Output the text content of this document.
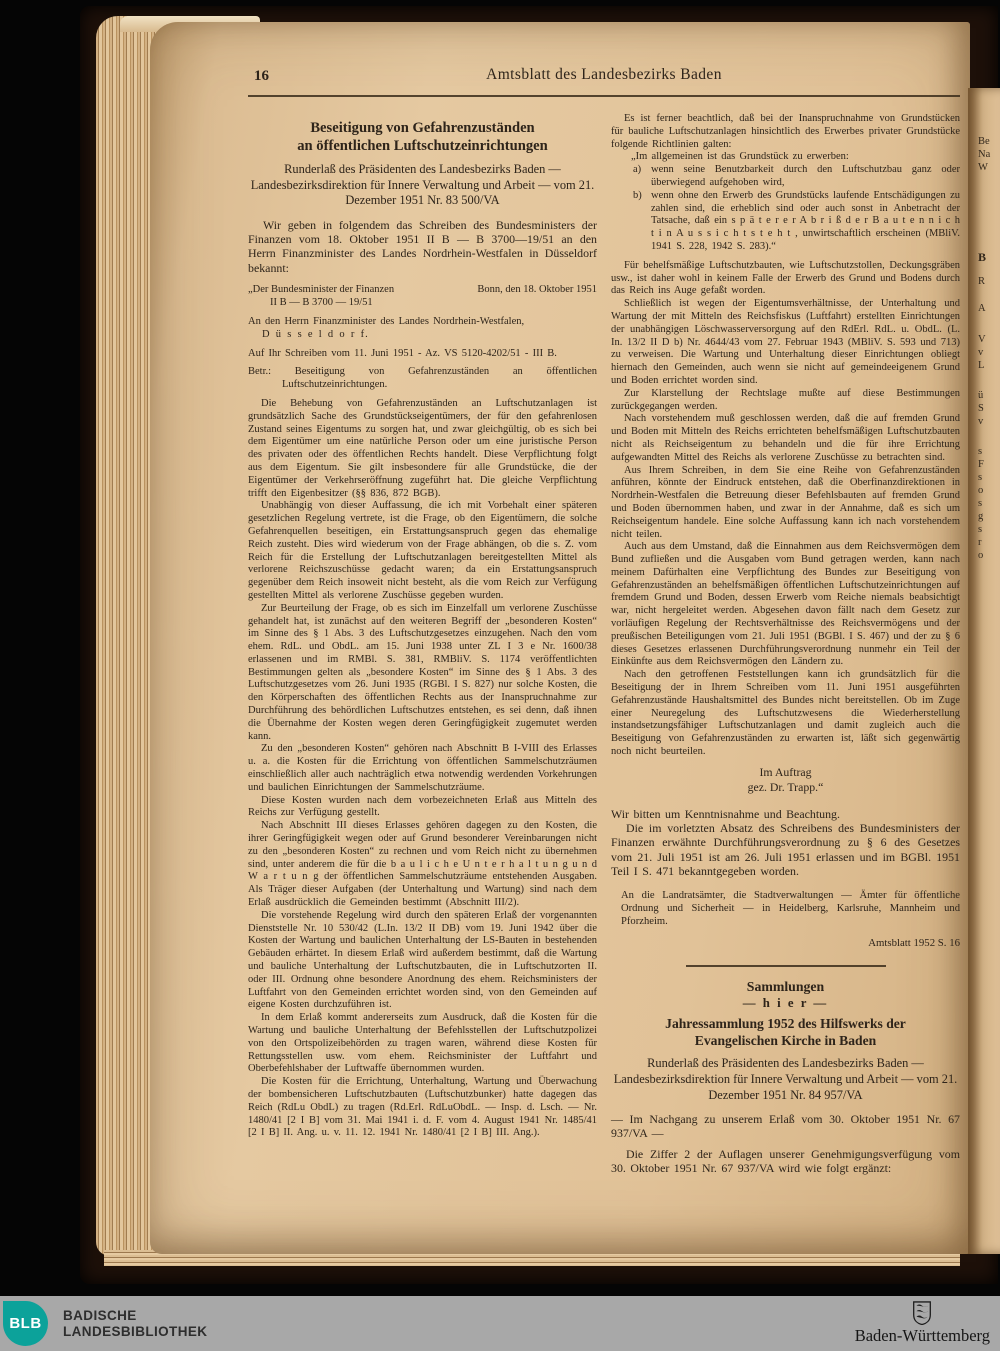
16	Amtsblatt des Landesbezirks Baden
Beseitigung von Gefahrenzuständen
an öffentlichen Luftschutzeinrichtungen

Runderlaß des Präsidenten des Landesbezirks Baden — Landesbezirksdirektion für Innere Verwaltung und Arbeit — vom 21. Dezember 1951 Nr. 83 500/VA

Wir geben in folgendem das Schreiben des Bundesministers der Finanzen vom 18. Oktober 1951 II B — B 3700—19/51 an den Herrn Finanzminister des Landes Nordrhein-Westfalen in Düsseldorf bekannt:

„Der Bundesminister der Finanzen
II B — B 3700 — 19/51
Bonn, den 18. Oktober 1951

An den Herrn Finanzminister des Landes Nordrhein-Westfalen,

D ü s s e l d o r f.

Auf Ihr Schreiben vom 11. Juni 1951 - Az. VS 5120-4202/51 - III B.

Betr.: Beseitigung von Gefahrenzuständen an öffentlichen Luftschutzeinrichtungen.

Die Behebung von Gefahrenzuständen an Luftschutzanlagen ist grundsätzlich Sache des Grundstückseigentümers, der für den gefahrenlosen Zustand seines Eigentums zu sorgen hat, und zwar gleichgültig, ob es sich bei dem Eigentümer um eine natürliche Person oder um eine juristische Person des privaten oder des öffentlichen Rechts handelt. Diese Verpflichtung folgt aus dem Eigentum. Sie gilt insbesondere für alle Grundstücke, die der Eigentümer der Verkehrseröffnung zugeführt hat. Die gleiche Verpflichtung trifft den Eigenbesitzer (§§ 836, 872 BGB).

Unabhängig von dieser Auffassung, die ich mit Vorbehalt einer späteren gesetzlichen Regelung vertrete, ist die Frage, ob den Eigentümern, die solche Gefahrenquellen beseitigen, ein Erstattungsanspruch gegen das ehemalige Reich zusteht. Dies wird wiederum von der Frage abhängen, ob die s. Z. vom Reich für die Erstellung der Luftschutzanlagen bereitgestellten Mittel als verlorene Reichszuschüsse gedacht waren; da ein Erstattungsanspruch gegenüber dem Reich insoweit nicht besteht, als die vom Reich zur Verfügung gestellten Mittel als verlorene Zuschüsse gegeben wurden.

Zur Beurteilung der Frage, ob es sich im Einzelfall um verlorene Zuschüsse gehandelt hat, ist zunächst auf den weiteren Begriff der „besonderen Kosten“ im Sinne des § 1 Abs. 3 des Luftschutzgesetzes einzugehen. Nach den vom ehem. RdL. und ObdL. am 15. Juni 1938 unter ZL I 3 e Nr. 1600/38 erlassenen und im RMBl. S. 381, RMBliV. S. 1174 veröffentlichten Bestimmungen gelten als „besondere Kosten“ im Sinne des § 1 Abs. 3 des Luftschutzgesetzes vom 26. Juni 1935 (RGBl. I S. 827) nur solche Kosten, die den Körperschaften des öffentlichen Rechts aus der Inanspruchnahme zur Durchführung des behördlichen Luftschutzes entstehen, es sei denn, daß ihnen die Übernahme der Kosten wegen deren Geringfügigkeit zugemutet werden kann.

Zu den „besonderen Kosten“ gehören nach Abschnitt B I-VIII des Erlasses u. a. die Kosten für die Errichtung von öffentlichen Sammelschutzräumen einschließlich aller auch nachträglich etwa notwendig werdenden Vorkehrungen und baulichen Einrichtungen der Sammelschutzräume.

Diese Kosten wurden nach dem vorbezeichneten Erlaß aus Mitteln des Reichs zur Verfügung gestellt.

Nach Abschnitt III dieses Erlasses gehören dagegen zu den Kosten, die ihrer Geringfügigkeit wegen oder auf Grund besonderer Vereinbarungen nicht zu den „besonderen Kosten“ zu rechnen und vom Reich nicht zu übernehmen sind, unter anderem die für die b a u l i c h e U n t e r h a l t u n g u n d W a r t u n g der öffentlichen Sammelschutzräume entstehenden Ausgaben. Als Träger dieser Aufgaben (der Unterhaltung und Wartung) sind nach dem Erlaß ausdrücklich die Gemeinden bestimmt (Abschnitt III/2).

Die vorstehende Regelung wird durch den späteren Erlaß der vorgenannten Dienststelle Nr. 10 530/42 (L.In. 13/2 II DB) vom 19. Juni 1942 über die Kosten der Wartung und baulichen Unterhaltung der LS-Bauten in bestehenden Gebäuden erhärtet. In diesem Erlaß wird außerdem bestimmt, daß die Wartung und bauliche Unterhaltung der Luftschutzbauten, die in Luftschutzorten II. oder III. Ordnung ohne besondere Anordnung des ehem. Reichsministers der Luftfahrt von den Gemeinden errichtet worden sind, von den Gemeinden auf eigene Kosten durchzuführen ist.

In dem Erlaß kommt andererseits zum Ausdruck, daß die Kosten für die Wartung und bauliche Unterhaltung der Befehlsstellen der Luftschutzpolizei von den Ortspolizeibehörden zu tragen waren, während diese Kosten für Rettungsstellen usw. vom ehem. Reichsminister der Luftfahrt und Oberbefehlshaber der Luftwaffe übernommen wurden.

Die Kosten für die Errichtung, Unterhaltung, Wartung und Überwachung der bombensicheren Luftschutzbauten (Luftschutzbunker) hatte dagegen das Reich (RdLu ObdL) zu tragen (Rd.Erl. RdLuObdL. — Insp. d. Lsch. — Nr. 1480/41 [2 I B] vom 31. Mai 1941 i. d. F. vom 4. August 1941 Nr. 1485/41 [2 I B] II. Ang. u. v. 11. 12. 1941 Nr. 1480/41 [2 I B] III. Ang.).

Es ist ferner beachtlich, daß bei der Inanspruchnahme von Grundstücken für bauliche Luftschutzanlagen hinsichtlich des Erwerbes privater Grundstücke folgende Richtlinien galten:

„Im allgemeinen ist das Grundstück zu erwerben:

a) wenn seine Benutzbarkeit durch den Luftschutzbau ganz oder überwiegend aufgehoben wird,

b) wenn ohne den Erwerb des Grundstücks laufende Entschädigungen zu zahlen sind, die erheblich sind oder auch sonst in Anbetracht der Tatsache, daß ein s p ä t e r e r A b r i ß d e r B a u t e n n i c h t i n A u s s i c h t s t e h t , unwirtschaftlich erscheinen (MBliV. 1941 S. 228, 1942 S. 283).“

Für behelfsmäßige Luftschutzbauten, wie Luftschutzstollen, Deckungsgräben usw., ist daher wohl in keinem Falle der Erwerb des Grund und Bodens durch das Reich ins Auge gefaßt worden.

Schließlich ist wegen der Eigentumsverhältnisse, der Unterhaltung und Wartung der mit Mitteln des Reichsfiskus (Luftfahrt) erstellten Einrichtungen der unabhängigen Löschwasserversorgung auf den RdErl. RdL. u. ObdL. (L. In. 13/2 II D b) Nr. 4644/43 vom 27. Februar 1943 (MBliV. S. 593 und 713) zu verweisen. Die Wartung und Unterhaltung dieser Einrichtungen obliegt hiernach den Gemeinden, auch wenn sie nicht auf gemeindeeigenem Grund und Boden errichtet worden sind.

Zur Klarstellung der Rechtslage mußte auf diese Bestimmungen zurückgegangen werden.

Nach vorstehendem muß geschlossen werden, daß die auf fremden Grund und Boden mit Mitteln des Reichs errichteten behelfsmäßigen Luftschutzbauten nicht als Reichseigentum zu behandeln und die für ihre Errichtung aufgewandten Mittel des Reichs als verlorene Zuschüsse zu betrachten sind.

Aus Ihrem Schreiben, in dem Sie eine Reihe von Gefahrenzuständen anführen, könnte der Eindruck entstehen, daß die Oberfinanzdirektionen in Nordrhein-Westfalen die Betreuung dieser Befehlsbauten auf fremden Grund und Boden übernommen haben, und zwar in der Annahme, daß es sich um Reichseigentum handele. Eine solche Auffassung kann ich nach vorstehendem nicht teilen.

Auch aus dem Umstand, daß die Einnahmen aus dem Reichsvermögen dem Bund zufließen und die Ausgaben vom Bund getragen werden, kann nach meinem Dafürhalten eine Verpflichtung des Bundes zur Beseitigung von Gefahrenzuständen an behelfsmäßigen öffentlichen Luftschutzeinrichtungen auf fremdem Grund und Boden, dessen Erwerb vom Reiche niemals beabsichtigt war, nicht hergeleitet werden. Abgesehen davon fällt nach dem Gesetz zur vorläufigen Regelung der Rechtsverhältnisse des Reichsvermögens und der preußischen Beteiligungen vom 21. Juli 1951 (BGBl. I S. 467) und der zu § 6 dieses Gesetzes erlassenen Durchführungsverordnung nunmehr ein Teil der Einkünfte aus dem Reichsvermögen den Ländern zu.

Nach den getroffenen Feststellungen kann ich grundsätzlich für die Beseitigung der in Ihrem Schreiben vom 11. Juni 1951 ausgeführten Gefahrenzustände Haushaltsmittel des Bundes nicht bereitstellen. Ob im Zuge einer Neuregelung des Luftschutzwesens die Wiederherstellung instandsetzungsfähiger Luftschutzanlagen und damit zugleich auch die Beseitigung von Gefahrenzuständen zu erwarten ist, läßt sich gegenwärtig noch nicht beurteilen.

Im Auftrag

gez. Dr. Trapp.“

Wir bitten um Kenntnisnahme und Beachtung.

Die im vorletzten Absatz des Schreibens des Bundesministers der Finanzen erwähnte Durchführungsverordnung zu § 6 des Gesetzes vom 21. Juli 1951 ist am 26. Juli 1951 erlassen und im BGBl. 1951 Teil I S. 471 bekanntgegeben worden.

An die Landratsämter, die Stadtverwaltungen — Ämter für öffentliche Ordnung und Sicherheit — in Heidelberg, Karlsruhe, Mannheim und Pforzheim.

Amtsblatt 1952 S. 16

Sammlungen
— h i e r —
Jahressammlung 1952 des Hilfswerks der
Evangelischen Kirche in Baden

Runderlaß des Präsidenten des Landesbezirks Baden — Landesbezirksdirektion für Innere Verwaltung und Arbeit — vom 21. Dezember 1951 Nr. 84 957/VA

— Im Nachgang zu unserem Erlaß vom 30. Oktober 1951 Nr. 67 937/VA —

Die Ziffer 2 der Auflagen unserer Genehmigungsverfügung vom 30. Oktober 1951 Nr. 67 937/VA wird wie folgt ergänzt:

Be
Na
W
B
R
A
V
v
L
ü
S
v
s
F
s
o
s
g
s
r
o
BLB	BADISCHE
LANDESBIBLIOTHEK	Baden-Württemberg
